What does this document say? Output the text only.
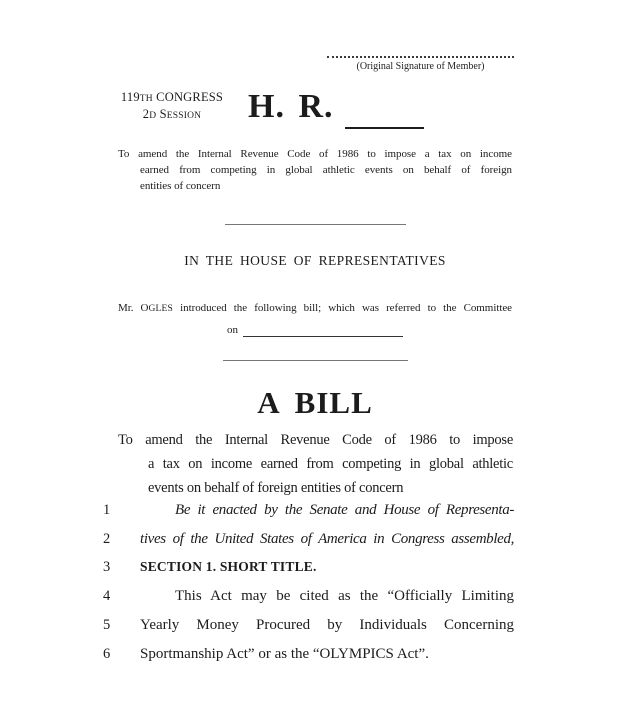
(Original Signature of Member)
119TH CONGRESS
2D SESSION	H. R.
To amend the Internal Revenue Code of 1986 to impose a tax on income
earned from competing in global athletic events on behalf of foreign
entities of concern
IN THE HOUSE OF REPRESENTATIVES
Mr. OGLES introduced the following bill; which was referred to the Committee
on
A BILL
To amend the Internal Revenue Code of 1986 to impose
a tax on income earned from competing in global athletic
events on behalf of foreign entities of concern
1	Be it enacted by the Senate and House of Representa-
2	tives of the United States of America in Congress assembled,
3	SECTION 1. SHORT TITLE.
4	This Act may be cited as the “Officially Limiting
5	Yearly Money Procured by Individuals Concerning
6	Sportmanship Act” or as the “OLYMPICS Act”.
